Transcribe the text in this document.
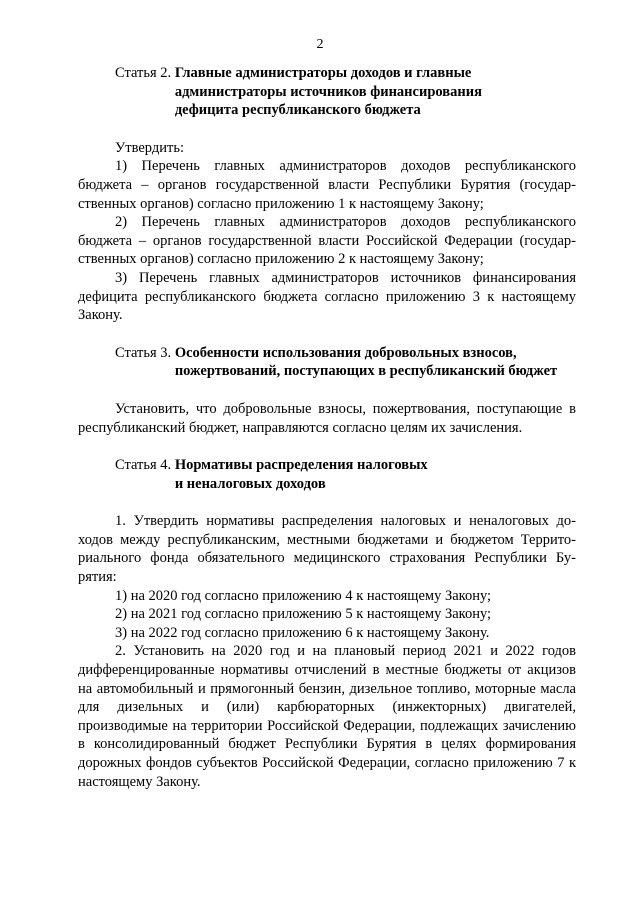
2
Статья 2. Главные администраторы доходов и главные
администраторы источников финансирования
дефицита республиканского бюджета

Утвердить:

1) Перечень главных администраторов доходов республиканского бюджета – органов государственной власти Республики Бурятия (государственных органов) согласно приложению 1 к настоящему Закону;

2) Перечень главных администраторов доходов республиканского бюджета – органов государственной власти Российской Федерации (государственных органов) согласно приложению 2 к настоящему Закону;

3) Перечень главных администраторов источников финансирования дефицита республиканского бюджета согласно приложению 3 к настоящему Закону.

Статья 3. Особенности использования добровольных взносов,
пожертвований, поступающих в республиканский бюджет

Установить, что добровольные взносы, пожертвования, поступающие в республиканский бюджет, направляются согласно целям их зачисления.

Статья 4. Нормативы распределения налоговых
и неналоговых доходов

1. Утвердить нормативы распределения налоговых и неналоговых доходов между республиканским, местными бюджетами и бюджетом Территориального фонда обязательного медицинского страхования Республики Бурятия:

1) на 2020 год согласно приложению 4 к настоящему Закону;

2) на 2021 год согласно приложению 5 к настоящему Закону;

3) на 2022 год согласно приложению 6 к настоящему Закону.

2. Установить на 2020 год и на плановый период 2021 и 2022 годов дифференцированные нормативы отчислений в местные бюджеты от акцизов на автомобильный и прямогонный бензин, дизельное топливо, моторные масла для дизельных и (или) карбюраторных (инжекторных) двигателей, производимые на территории Российской Федерации, подлежащих зачислению в консолидированный бюджет Республики Бурятия в целях формирования дорожных фондов субъектов Российской Федерации, согласно приложению 7 к настоящему Закону.
